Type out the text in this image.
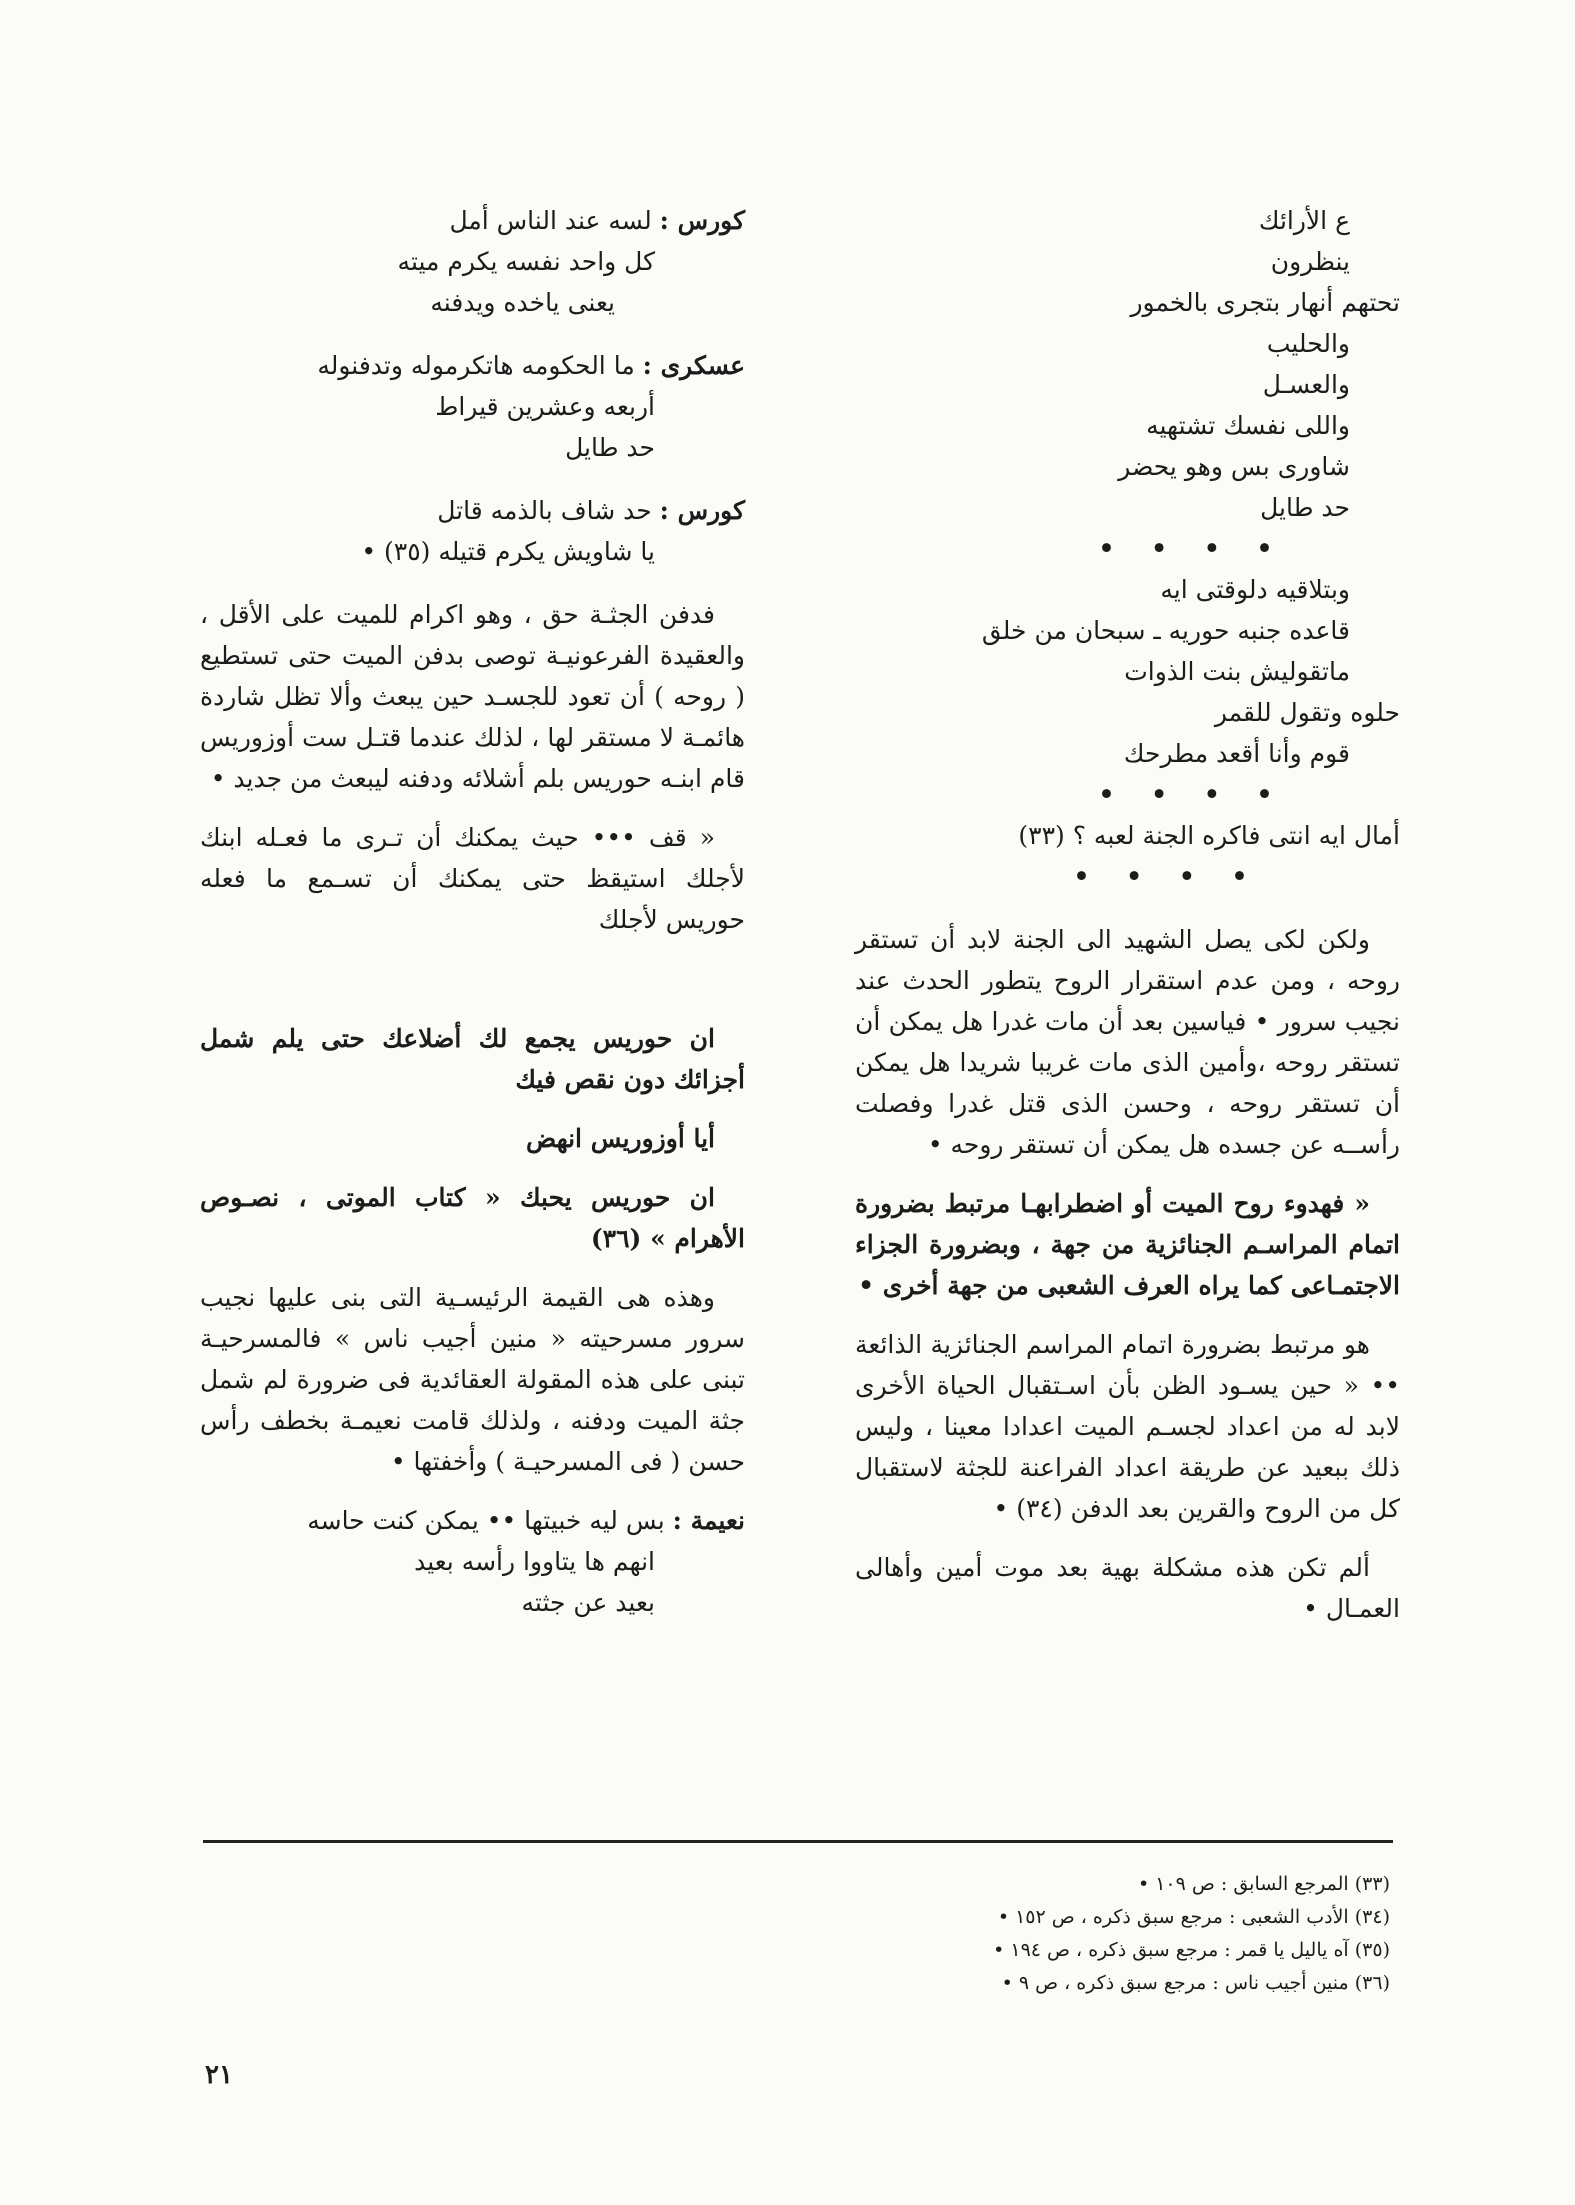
ع الأرائك
ينظرون
تحتهم أنهار بتجرى بالخمور
والحليب
والعسـل
واللى نفسك تشتهيه
شاورى بس وهو يحضر
حد طايل
• • • •
وبتلاقيه دلوقتى ايه
قاعده جنبه حوريه ـ سبحان من خلق
ماتقوليش بنت الذوات
حلوه وتقول للقمر
قوم وأنا أقعد مطرحك
• • • •
أمال ايه انتى فاكره الجنة لعبه ؟ (٣٣)
• • • •

ولكن لكى يصل الشهيد الى الجنة لابد أن تستقر روحه ، ومن عدم استقرار الروح يتطور الحدث عند نجيب سرور • فياسين بعد أن مات غدرا هل يمكن أن تستقر روحه ،وأمين الذى مات غريبا شريدا هل يمكن أن تستقر روحه ، وحسن الذى قتل غدرا وفصلت رأســه عن جسده هل يمكن أن تستقر روحه •

« فهدوء روح الميت أو اضطرابهـا مرتبط بضرورة اتمام المراسـم الجنائزية من جهة ، وبضرورة الجزاء الاجتمـاعى كما يراه العرف الشعبى من جهة أخرى •

هو مرتبط بضرورة اتمام المراسم الجنائزية الذائعة •• « حين يسـود الظن بأن اسـتقبال الحياة الأخرى لابد له من اعداد لجسـم الميت اعدادا معينا ، وليس ذلك ببعيد عن طريقة اعداد الفراعنة للجثة لاستقبال كل من الروح والقرين بعد الدفن (٣٤) •

ألم تكن هذه مشكلة بهية بعد موت أمين وأهالى العمـال •

كورس : لسه عند الناس أمل
كل واحد نفسه يكرم ميته
يعنى ياخده ويدفنه
عسكرى : ما الحكومه هاتكرموله وتدفنوله
أربعه وعشرين قيراط
حد طايل
كورس : حد شاف بالذمه قاتل
يا شاويش يكرم قتيله (٣٥) •

فدفن الجثـة حق ، وهو اكرام للميت على الأقل ، والعقيدة الفرعونيـة توصى بدفن الميت حتى تستطيع ( روحه ) أن تعود للجسـد حين يبعث وألا تظل شاردة هائمـة لا مستقر لها ، لذلك عندما قتـل ست أوزوريس قام ابنـه حوريس بلم أشلائه ودفنه ليبعث من جديد •

« قف ••• حيث يمكنك أن تـرى ما فعـله ابنك لأجلك استيقظ حتى يمكنك أن تسـمع ما فعله حوريس لأجلك

ان حوريس يجمع لك أضلاعك حتى يلم شمل أجزائك دون نقص فيك

أيا أوزوريس انهض

ان حوريس يحبك « كتاب الموتى ، نصـوص الأهرام » (٣٦)

وهذه هى القيمة الرئيسـية التى بنى عليها نجيب سرور مسرحيته « منين أجيب ناس » فالمسرحيـة تبنى على هذه المقولة العقائدية فى ضرورة لم شمل جثة الميت ودفنه ، ولذلك قامت نعيمـة بخطف رأس حسن ( فى المسرحيـة ) وأخفتها •

نعيمة : بس ليه خبيتها •• يمكن كنت حاسه
انهم ها يتاووا رأسه بعيد
بعيد عن جثته
(٣٣) المرجع السابق : ص ١٠٩ •
(٣٤) الأدب الشعبى : مرجع سبق ذكره ، ص ١٥٢ •
(٣٥) آه ياليل يا قمر : مرجع سبق ذكره ، ص ١٩٤ •
(٣٦) منين أجيب ناس : مرجع سبق ذكره ، ص ٩ •
٢١
